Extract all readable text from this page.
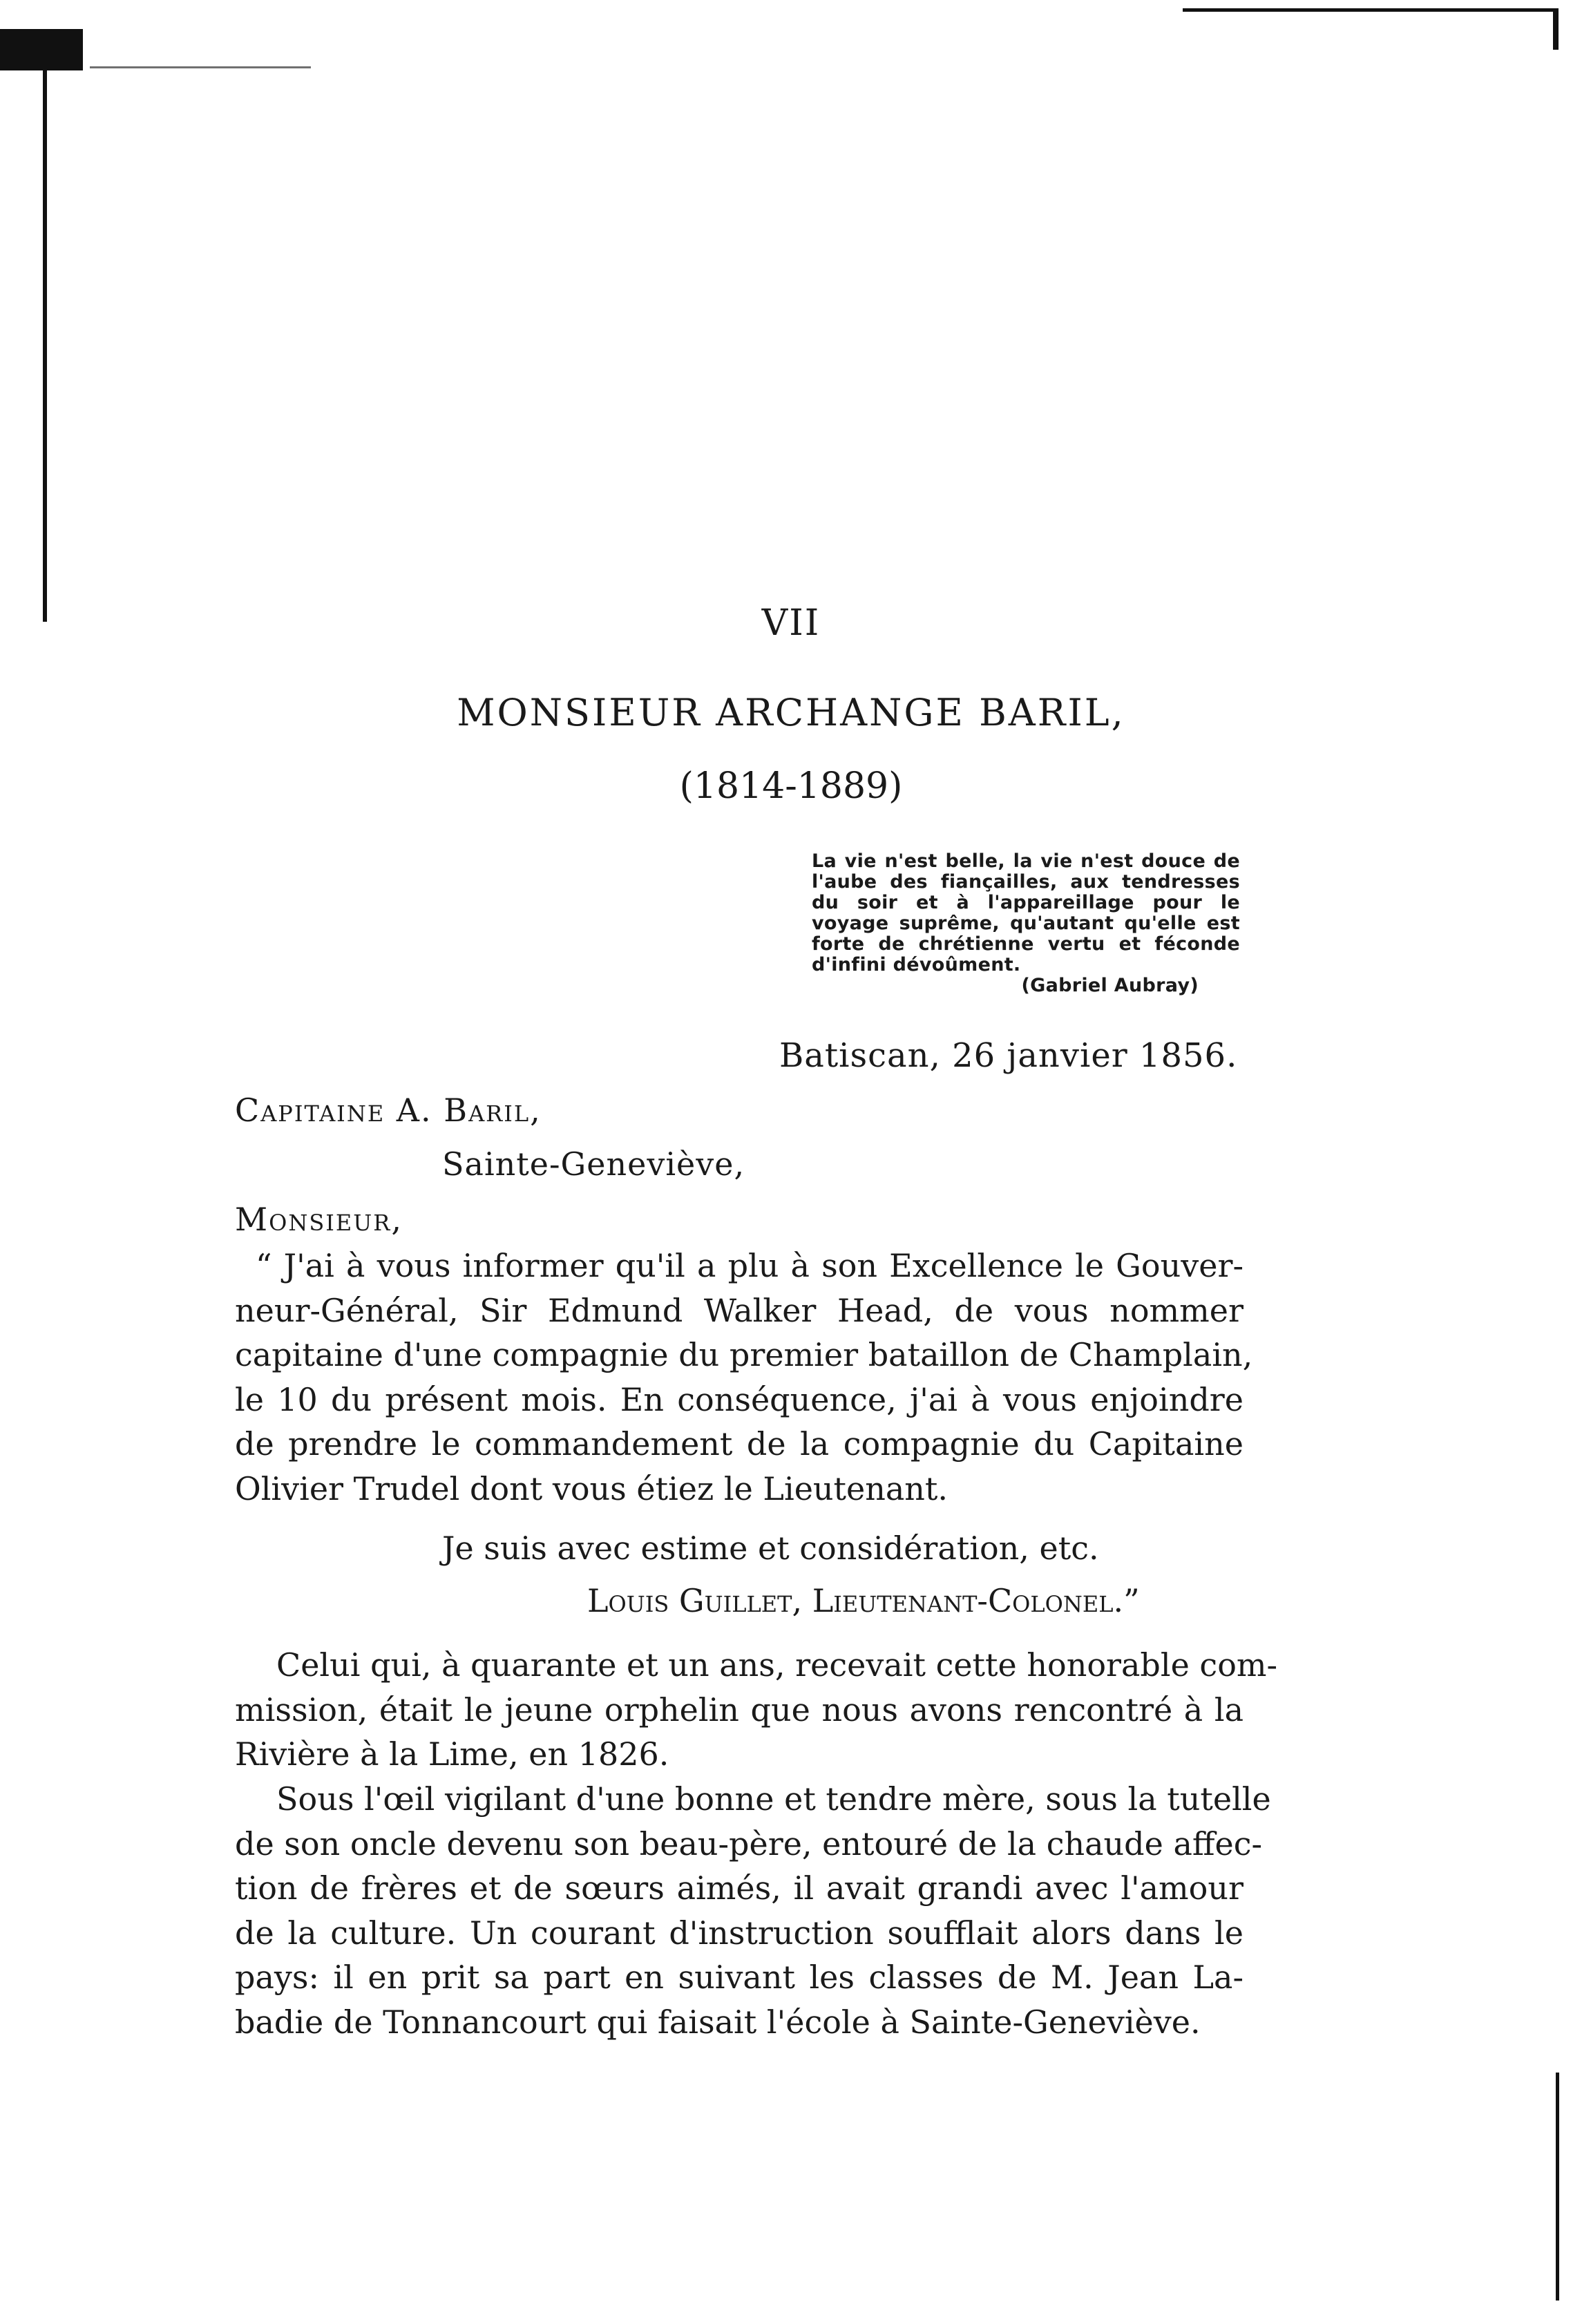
VII
MONSIEUR ARCHANGE BARIL,
(1814-1889)
La vie n'est belle, la vie n'est douce de l'aube des fiançailles, aux tendresses du soir et à l'appareillage pour le voyage suprême, qu'autant qu'elle est forte de chrétienne vertu et féconde d'infini dévoûment.
(Gabriel Aubray)
Batiscan, 26 janvier 1856.
Capitaine A. Baril,
Sainte-Geneviève,
Monsieur,
“ J'ai à vous informer qu'il a plu à son Excellence le Gouver-
neur-Général, Sir Edmund Walker Head, de vous nommer
capitaine d'une compagnie du premier bataillon de Champlain,
le 10 du présent mois. En conséquence, j'ai à vous enjoindre
de prendre le commandement de la compagnie du Capitaine
Olivier Trudel dont vous étiez le Lieutenant.
Je suis avec estime et considération, etc.
Louis Guillet, Lieutenant-Colonel.”
Celui qui, à quarante et un ans, recevait cette honorable com-
mission, était le jeune orphelin que nous avons rencontré à la
Rivière à la Lime, en 1826.
Sous l'œil vigilant d'une bonne et tendre mère, sous la tutelle
de son oncle devenu son beau-père, entouré de la chaude affec-
tion de frères et de sœurs aimés, il avait grandi avec l'amour
de la culture. Un courant d'instruction soufflait alors dans le
pays: il en prit sa part en suivant les classes de M. Jean La-
badie de Tonnancourt qui faisait l'école à Sainte-Geneviève.
